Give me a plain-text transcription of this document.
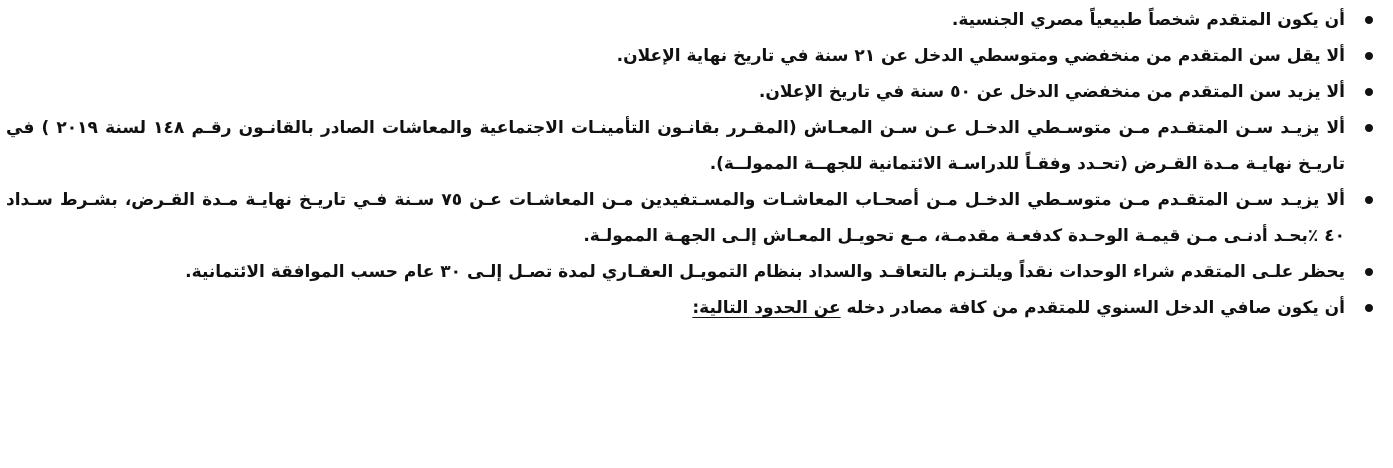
أن يكون المتقدم شخصاً طبيعياً مصري الجنسية.
ألا يقل سن المتقدم من منخفضي ومتوسطي الدخل عن ٢١ سنة في تاريخ نهاية الإعلان.
ألا يزيد سن المتقدم من منخفضي الدخل عن ٥٠ سنة في تاريخ الإعلان.
ألا يزيـد سـن المتقـدم مـن متوسـطي الدخـل عـن سـن المعـاش (المقـرر بقانـون التأمينـات الاجتماعية والمعاشات الصادر بالقانـون رقـم ١٤٨ لسنة ٢٠١٩ ) في تاريـخ نهايـة مـدة القـرض (تحـدد وفقـاً للدراسـة الائتمانية للجهــة الممولــة).
ألا يزيـد سـن المتقـدم مـن متوسـطي الدخـل مـن أصحـاب المعاشـات والمسـتفيدين مـن المعاشـات عـن ٧٥ سـنة فـي تاريـخ نهايـة مـدة القـرض، بشـرط سـداد ٤٠ ٪بحـد أدنـى مـن قيمـة الوحـدة كدفعـة مقدمـة، مـع تحويـل المعـاش إلـى الجهـة الممولـة.
يحظر علـى المتقدم شراء الوحدات نقداً ويلتـزم بالتعاقـد والسداد بنظام التمويـل العقـاري لمدة تصـل إلـى ٣٠ عام حسب الموافقة الائتمانية.
أن يكون صافي الدخل السنوي للمتقدم من كافة مصادر دخله عن الحدود التالية:
